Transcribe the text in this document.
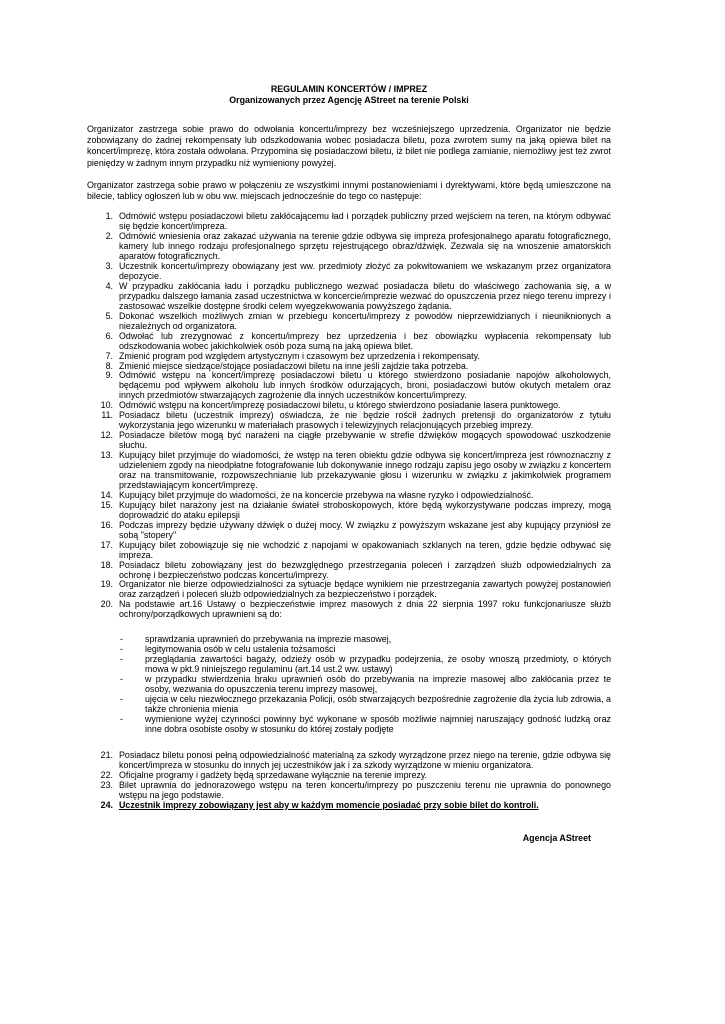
REGULAMIN KONCERTÓW / IMPREZ

Organizowanych przez Agencję AStreet na terenie Polski

Organizator zastrzega sobie prawo do odwołania koncertu/imprezy bez wcześniejszego uprzedzenia. Organizator nie będzie zobowiązany do żadnej rekompensaty lub odszkodowania wobec posiadacza biletu, poza zwrotem sumy na jaką opiewa bilet na koncert/imprezę, która została odwołana. Przypomina się posiadaczowi biletu, iż bilet nie podlega zamianie, niemożliwy jest też zwrot pieniędzy w żadnym innym przypadku niż wymieniony powyżej.

Organizator zastrzega sobie prawo w połączeniu ze wszystkimi innymi postanowieniami i dyrektywami, które będą umieszczone na bilecie, tablicy ogłoszeń lub w obu ww. miejscach jednocześnie do tego co następuje:

1. Odmówić wstępu posiadaczowi biletu zakłócającemu ład i porządek publiczny przed wejściem na teren, na którym odbywać się będzie koncert/impreza.
2. Odmówić wniesienia oraz zakazać używania na terenie gdzie odbywa się impreza profesjonalnego aparatu fotograficznego, kamery lub innego rodzaju profesjonalnego sprzętu rejestrującego obraz/dźwięk. Zezwala się na wnoszenie amatorskich aparatów fotograficznych.
3. Uczestnik koncertu/imprezy obowiązany jest ww. przedmioty złożyć za pokwitowaniem we wskazanym przez organizatora depozycie.
4. W przypadku zakłócania ładu i porządku publicznego wezwać posiadacza biletu do właściwego zachowania się, a w przypadku dalszego łamania zasad uczestnictwa w koncercie/imprezie wezwać do opuszczenia przez niego terenu imprezy i zastosować wszelkie dostępne środki celem wyegzekwowania powyższego żądania.
5. Dokonać wszelkich możliwych zmian w przebiegu koncertu/imprezy z powodów nieprzewidzianych i nieuniknionych a niezależnych od organizatora.
6. Odwołać lub zrezygnować z koncertu/imprezy bez uprzedzenia i bez obowiązku wypłacenia rekompensaty lub odszkodowania wobec jakichkolwiek osób poza sumą na jaką opiewa bilet.
7. Zmienić program pod względem artystycznym i czasowym bez uprzedzenia i rekompensaty.
8. Zmienić miejsce siedzące/stojące posiadaczowi biletu na inne jeśli zajdzie taka potrzeba.
9. Odmówić wstępu na koncert/imprezę posiadaczowi biletu u którego stwierdzono posiadanie napojów alkoholowych, będącemu pod wpływem alkoholu lub innych środków odurzających, broni, posiadaczowi butów okutych metalem oraz innych przedmiotów stwarzających zagrożenie dla innych uczestników koncertu/imprezy.
10. Odmówić wstępu na koncert/imprezę posiadaczowi biletu, u którego stwierdzono posiadanie lasera punktowego.
11. Posiadacz biletu (uczestnik imprezy) oświadcza, że nie będzie rościł żadnych pretensji do organizatorów z tytułu wykorzystania jego wizerunku w materiałach prasowych i telewizyjnych relacjonujących przebieg imprezy.
12. Posiadacze biletów mogą być narażeni na ciągłe przebywanie w strefie dźwięków mogących spowodować uszkodzenie słuchu.
13. Kupujący bilet przyjmuje do wiadomości, że wstęp na teren obiektu gdzie odbywa się koncert/impreza jest równoznaczny z udzieleniem zgody na nieodpłatne fotografowanie lub dokonywanie innego rodzaju zapisu jego osoby w związku z koncertem oraz na transmitowanie, rozpowszechnianie lub przekazywanie głosu i wizerunku w związku z jakimkolwiek programem przedstawiającym koncert/imprezę.
14. Kupujący bilet przyjmuje do wiadomości, że na koncercie przebywa na własne ryzyko i odpowiedzialność.
15. Kupujący bilet narażony jest na działanie świateł stroboskopowych, które będą wykorzystywane podczas imprezy, mogą doprowadzić do ataku epilepsji
16. Podczas imprezy będzie używany dźwięk o dużej mocy. W związku z powyższym wskazane jest aby kupujący przyniósł ze sobą "stopery"
17. Kupujący bilet zobowiązuje się nie wchodzić z napojami w opakowaniach szklanych na teren, gdzie będzie odbywać się impreza.
18. Posiadacz biletu zobowiązany jest do bezwzględnego przestrzegania poleceń i zarządzeń służb odpowiedzialnych za ochronę i bezpieczeństwo podczas koncertu/imprezy.
19. Organizator nie bierze odpowiedzialności za sytuacje będące wynikiem nie przestrzegania zawartych powyżej postanowień oraz zarządzeń i poleceń służb odpowiedzialnych za bezpieczeństwo i porządek.
20. Na podstawie art.16 Ustawy o bezpieczeństwie imprez masowych z dnia 22 sierpnia 1997 roku funkcjonariusze służb ochrony/porządkowych uprawnieni są do:
- sprawdzania uprawnień do przebywania na imprezie masowej,
- legitymowania osób w celu ustalenia tożsamości
- przeglądania zawartości bagaży, odzieży osób w przypadku podejrzenia, że osoby wnoszą przedmioty, o których mowa w pkt.9 niniejszego regulaminu (art.14 ust.2 ww. ustawy)
- w przypadku stwierdzenia braku uprawnień osób do przebywania na imprezie masowej albo zakłócania przez te osoby, wezwania do opuszczenia terenu imprezy masowej,
- ujęcia w celu niezwłocznego przekazania Policji, osób stwarzających bezpośrednie zagrożenie dla życia lub zdrowia, a także chronienia mienia
- wymienione wyżej czynności powinny być wykonane w sposób możliwie najmniej naruszający godność ludzką oraz inne dobra osobiste osoby w stosunku do której zostały podjęte
21. Posiadacz biletu ponosi pełną odpowiedzialność materialną za szkody wyrządzone przez niego na terenie, gdzie odbywa się koncert/impreza w stosunku do innych jej uczestników jak i za szkody wyrządzone w mieniu organizatora.
22. Oficjalne programy i gadżety będą sprzedawane wyłącznie na terenie imprezy.
23. Bilet uprawnia do jednorazowego wstępu na teren koncertu/imprezy po puszczeniu terenu nie uprawnia do ponownego wstępu na jego podstawie.
24. Uczestnik imprezy zobowiązany jest aby w każdym momencie posiadać przy sobie bilet do kontroli.

Agencja AStreet
